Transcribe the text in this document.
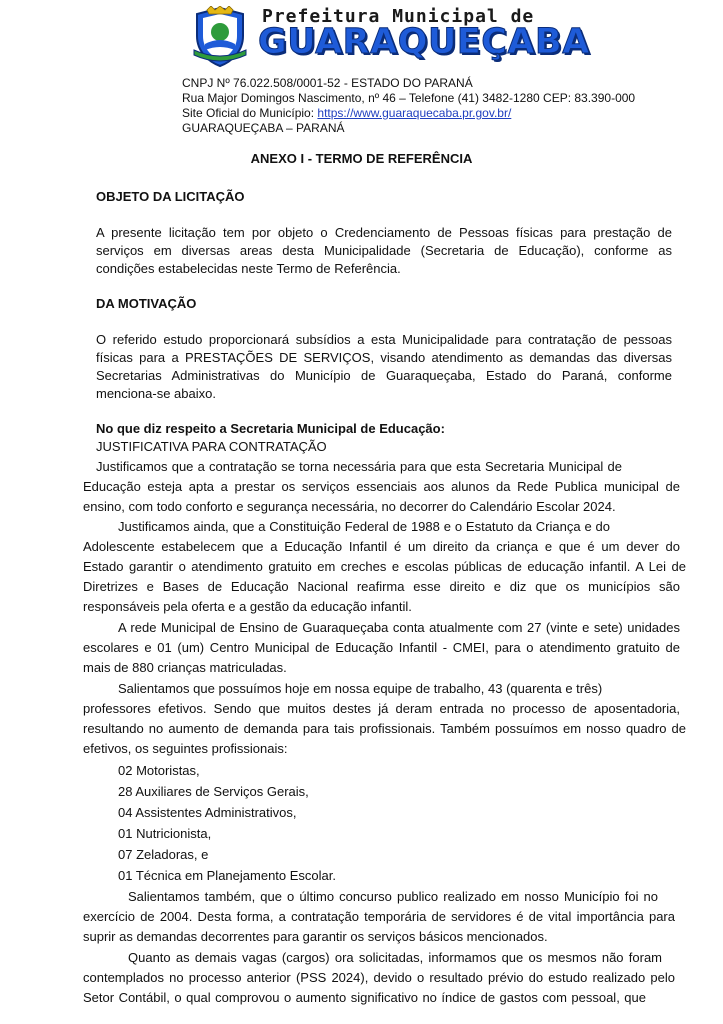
Prefeitura Municipal de
GUARAQUEÇABA
CNPJ Nº 76.022.508/0001-52 - ESTADO DO PARANÁ
Rua Major Domingos Nascimento, nº 46 – Telefone (41) 3482-1280 CEP: 83.390-000
Site Oficial do Município: https://www.guaraquecaba.pr.gov.br/
GUARAQUEÇABA – PARANÁ
ANEXO I - TERMO DE REFERÊNCIA
OBJETO DA LICITAÇÃO
A presente licitação tem por objeto o Credenciamento de Pessoas físicas para prestação de
serviços em diversas areas desta Municipalidade (Secretaria de Educação), conforme as
condições estabelecidas neste Termo de Referência.
DA MOTIVAÇÃO
O referido estudo proporcionará subsídios a esta Municipalidade para contratação de pessoas
físicas para a PRESTAÇÕES DE SERVIÇOS, visando atendimento as demandas das diversas
Secretarias Administrativas do Município de Guaraqueçaba, Estado do Paraná, conforme
menciona-se abaixo.
No que diz respeito a Secretaria Municipal de Educação:
JUSTIFICATIVA PARA CONTRATAÇÃO
Justificamos que a contratação se torna necessária para que esta Secretaria Municipal de
Educação esteja apta a prestar os serviços essenciais aos alunos da Rede Publica municipal de
ensino, com todo conforto e segurança necessária, no decorrer do Calendário Escolar 2024.
Justificamos ainda, que a Constituição Federal de 1988 e o Estatuto da Criança e do
Adolescente estabelecem que a Educação Infantil é um direito da criança e que é um dever do
Estado garantir o atendimento gratuito em creches e escolas públicas de educação infantil. A Lei de
Diretrizes e Bases de Educação Nacional reafirma esse direito e diz que os municípios são
responsáveis pela oferta e a gestão da educação infantil.
A rede Municipal de Ensino de Guaraqueçaba conta atualmente com 27 (vinte e sete) unidades
escolares e 01 (um) Centro Municipal de Educação Infantil - CMEI, para o atendimento gratuito de
mais de 880 crianças matriculadas.
Salientamos que possuímos hoje em nossa equipe de trabalho, 43 (quarenta e três)
professores efetivos. Sendo que muitos destes já deram entrada no processo de aposentadoria,
resultando no aumento de demanda para tais profissionais. Também possuímos em nosso quadro de
efetivos, os seguintes profissionais:
02 Motoristas,
28 Auxiliares de Serviços Gerais,
04 Assistentes Administrativos,
01 Nutricionista,
07 Zeladoras, e
01 Técnica em Planejamento Escolar.
Salientamos também, que o último concurso publico realizado em nosso Município foi no
exercício de 2004. Desta forma, a contratação temporária de servidores é de vital importância para
suprir as demandas decorrentes para garantir os serviços básicos mencionados.
Quanto as demais vagas (cargos) ora solicitadas, informamos que os mesmos não foram
contemplados no processo anterior (PSS 2024), devido o resultado prévio do estudo realizado pelo
Setor Contábil, o qual comprovou o aumento significativo no índice de gastos com pessoal, que
